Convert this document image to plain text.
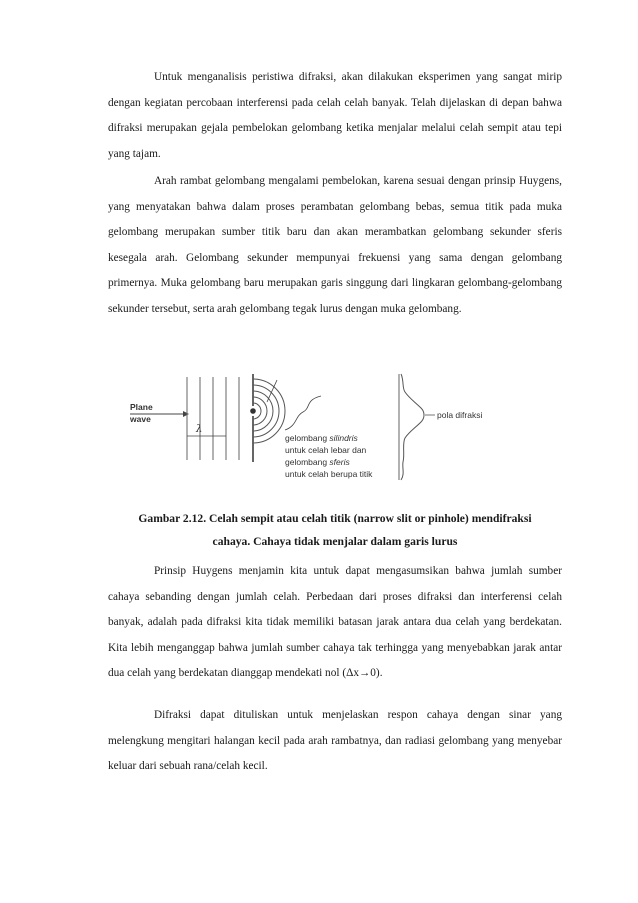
Untuk menganalisis peristiwa difraksi, akan dilakukan eksperimen yang sangat mirip dengan kegiatan percobaan interferensi pada celah celah banyak. Telah dijelaskan di depan bahwa difraksi merupakan gejala pembelokan gelombang ketika menjalar melalui celah sempit atau tepi yang tajam.

Arah rambat gelombang mengalami pembelokan, karena sesuai dengan prinsip Huygens, yang menyatakan bahwa dalam proses perambatan gelombang bebas, semua titik pada muka gelombang merupakan sumber titik baru dan akan merambatkan gelombang sekunder sferis kesegala arah. Gelombang sekunder mempunyai frekuensi yang sama dengan gelombang primernya. Muka gelombang baru merupakan garis singgung dari lingkaran gelombang-gelombang sekunder tersebut, serta arah gelombang tegak lurus dengan muka gelombang.

Plane
wave
λ
gelombang silindris
untuk celah lebar dan
gelombang sferis
untuk celah berupa titik
pola difraksi
Gambar 2.12. Celah sempit atau celah titik (narrow slit or pinhole) mendifraksi
cahaya. Cahaya tidak menjalar dalam garis lurus

Prinsip Huygens menjamin kita untuk dapat mengasumsikan bahwa jumlah sumber cahaya sebanding dengan jumlah celah. Perbedaan dari proses difraksi dan interferensi celah banyak, adalah pada difraksi kita tidak memiliki batasan jarak antara dua celah yang berdekatan. Kita lebih menganggap bahwa jumlah sumber cahaya tak terhingga yang menyebabkan jarak antar dua celah yang berdekatan dianggap mendekati nol (Δx→0).

Difraksi dapat dituliskan untuk menjelaskan respon cahaya dengan sinar yang melengkung mengitari halangan kecil pada arah rambatnya, dan radiasi gelombang yang menyebar keluar dari sebuah rana/celah kecil.
